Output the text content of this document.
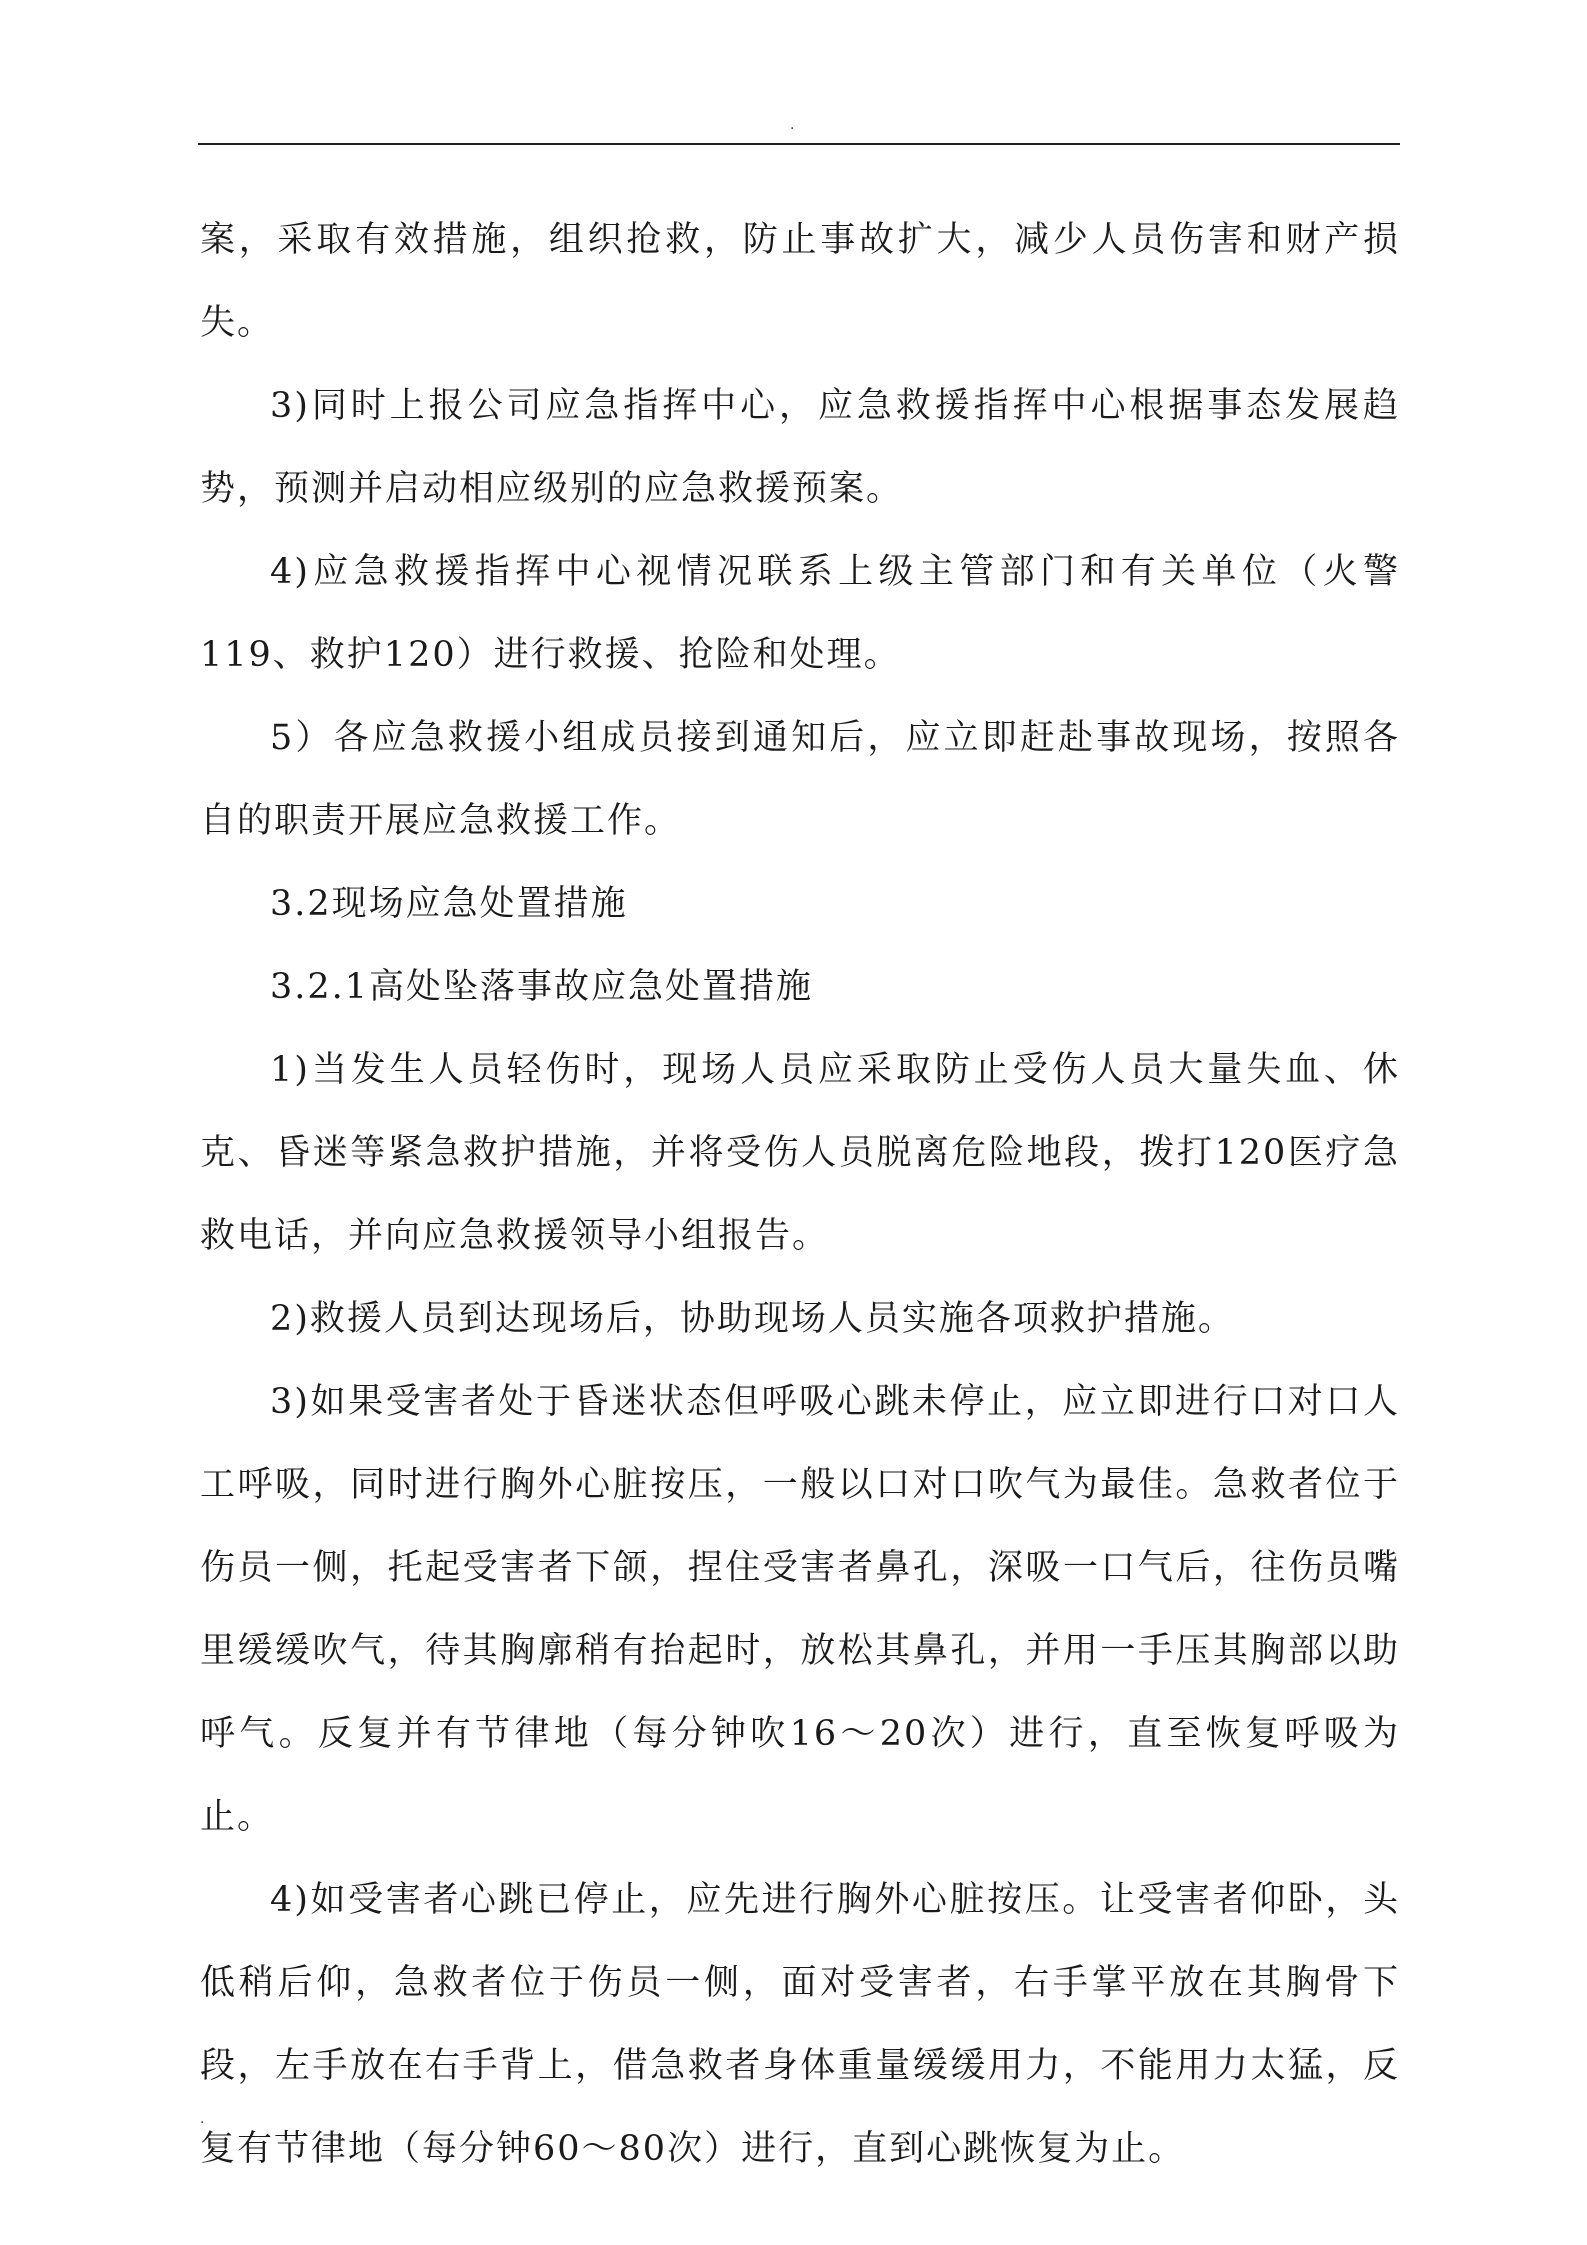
.

案，采取有效措施，组织抢救，防止事故扩大，减少人员伤害和财产损失。

3)同时上报公司应急指挥中心，应急救援指挥中心根据事态发展趋势，预测并启动相应级别的应急救援预案。

4)应急救援指挥中心视情况联系上级主管部门和有关单位（火警119、救护120）进行救援、抢险和处理。

5）各应急救援小组成员接到通知后，应立即赶赴事故现场，按照各自的职责开展应急救援工作。

3.2现场应急处置措施

3.2.1高处坠落事故应急处置措施

1)当发生人员轻伤时，现场人员应采取防止受伤人员大量失血、休克、昏迷等紧急救护措施，并将受伤人员脱离危险地段，拨打120医疗急救电话，并向应急救援领导小组报告。

2)救援人员到达现场后，协助现场人员实施各项救护措施。

3)如果受害者处于昏迷状态但呼吸心跳未停止，应立即进行口对口人工呼吸，同时进行胸外心脏按压，一般以口对口吹气为最佳。急救者位于伤员一侧，托起受害者下颌，捏住受害者鼻孔，深吸一口气后，往伤员嘴里缓缓吹气，待其胸廓稍有抬起时，放松其鼻孔，并用一手压其胸部以助呼气。反复并有节律地（每分钟吹16～20次）进行，直至恢复呼吸为止。

4)如受害者心跳已停止，应先进行胸外心脏按压。让受害者仰卧，头低稍后仰，急救者位于伤员一侧，面对受害者，右手掌平放在其胸骨下段，左手放在右手背上，借急救者身体重量缓缓用力，不能用力太猛，反复有节律地（每分钟60～80次）进行，直到心跳恢复为止。

.
